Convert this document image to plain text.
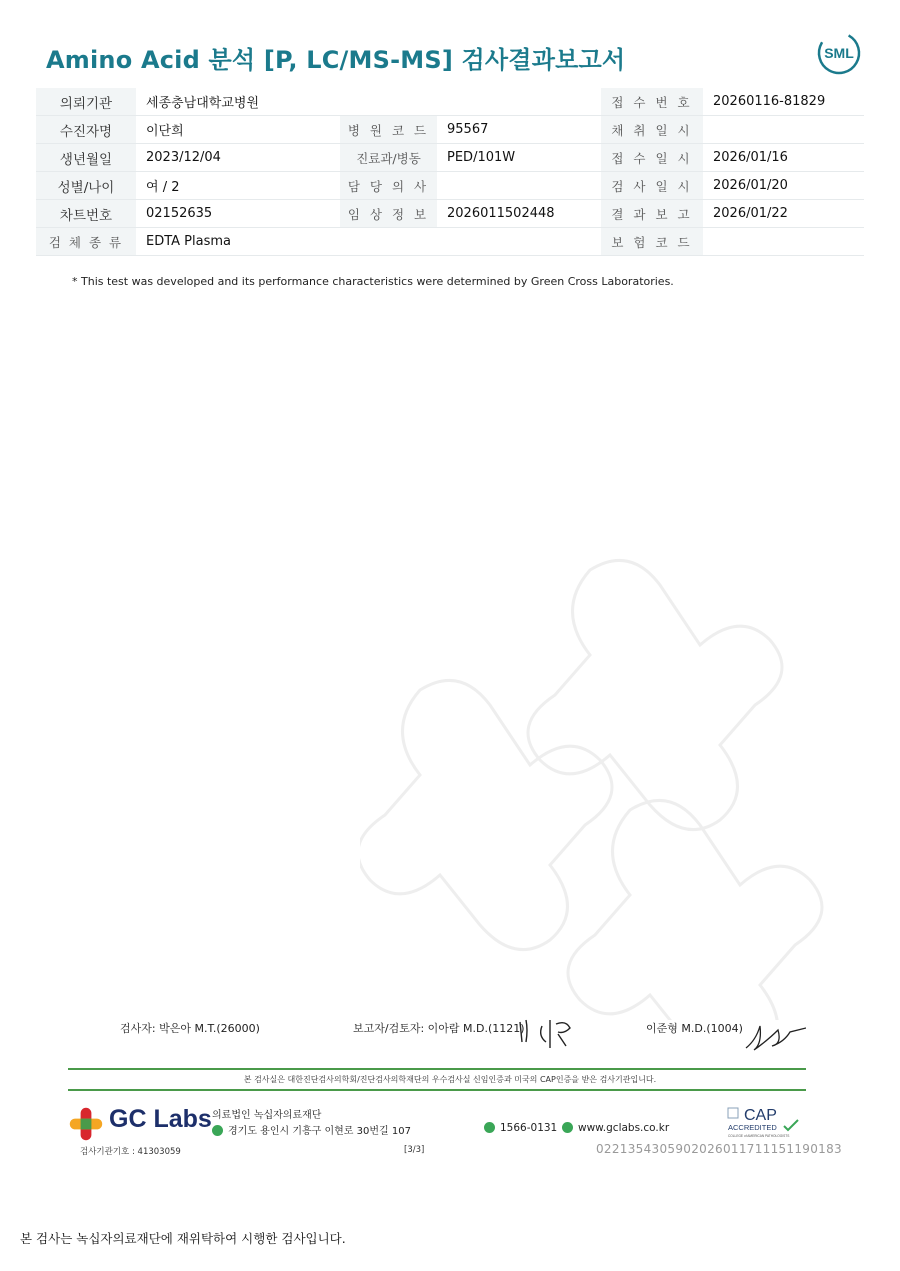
Amino Acid 분석 [P, LC/MS-MS] 검사결과보고서	SML
의뢰기관	세종충남대학교병원			접 수 번 호	20260116-81829
수진자명	이단희	병 원 코 드	95567	채 취 일 시	
생년월일	2023/12/04	진료과/병동	PED/101W	접 수 일 시	2026/01/16
성별/나이	여 / 2	담 당 의 사		검 사 일 시	2026/01/20
차트번호	02152635	임 상 정 보	2026011502448	결 과 보 고	2026/01/22
검 체 종 류	EDTA Plasma			보 험 코 드	
* This test was developed and its performance characteristics were determined by Green Cross Laboratories.
검사자: 박은아 M.T.(26000)	보고자/검토자: 이아람 M.D.(1121)	이준형 M.D.(1004)
본 검사실은 대한진단검사의학회/진단검사의학재단의 우수검사실 신임인증과 미국의 CAP인증을 받은 검사기관입니다.
GC Labs 의료법인 녹십자의료재단
경기도 용인시 기흥구 이현로 30번길 107	1566-0131	www.gclabs.co.kr
CAP
ACCREDITED
COLLEGE of AMERICAN PATHOLOGISTS
검사기관기호 : 41303059	[3/3]	0221354305902026011711151190183
본 검사는 녹십자의료재단에 재위탁하여 시행한 검사입니다.
